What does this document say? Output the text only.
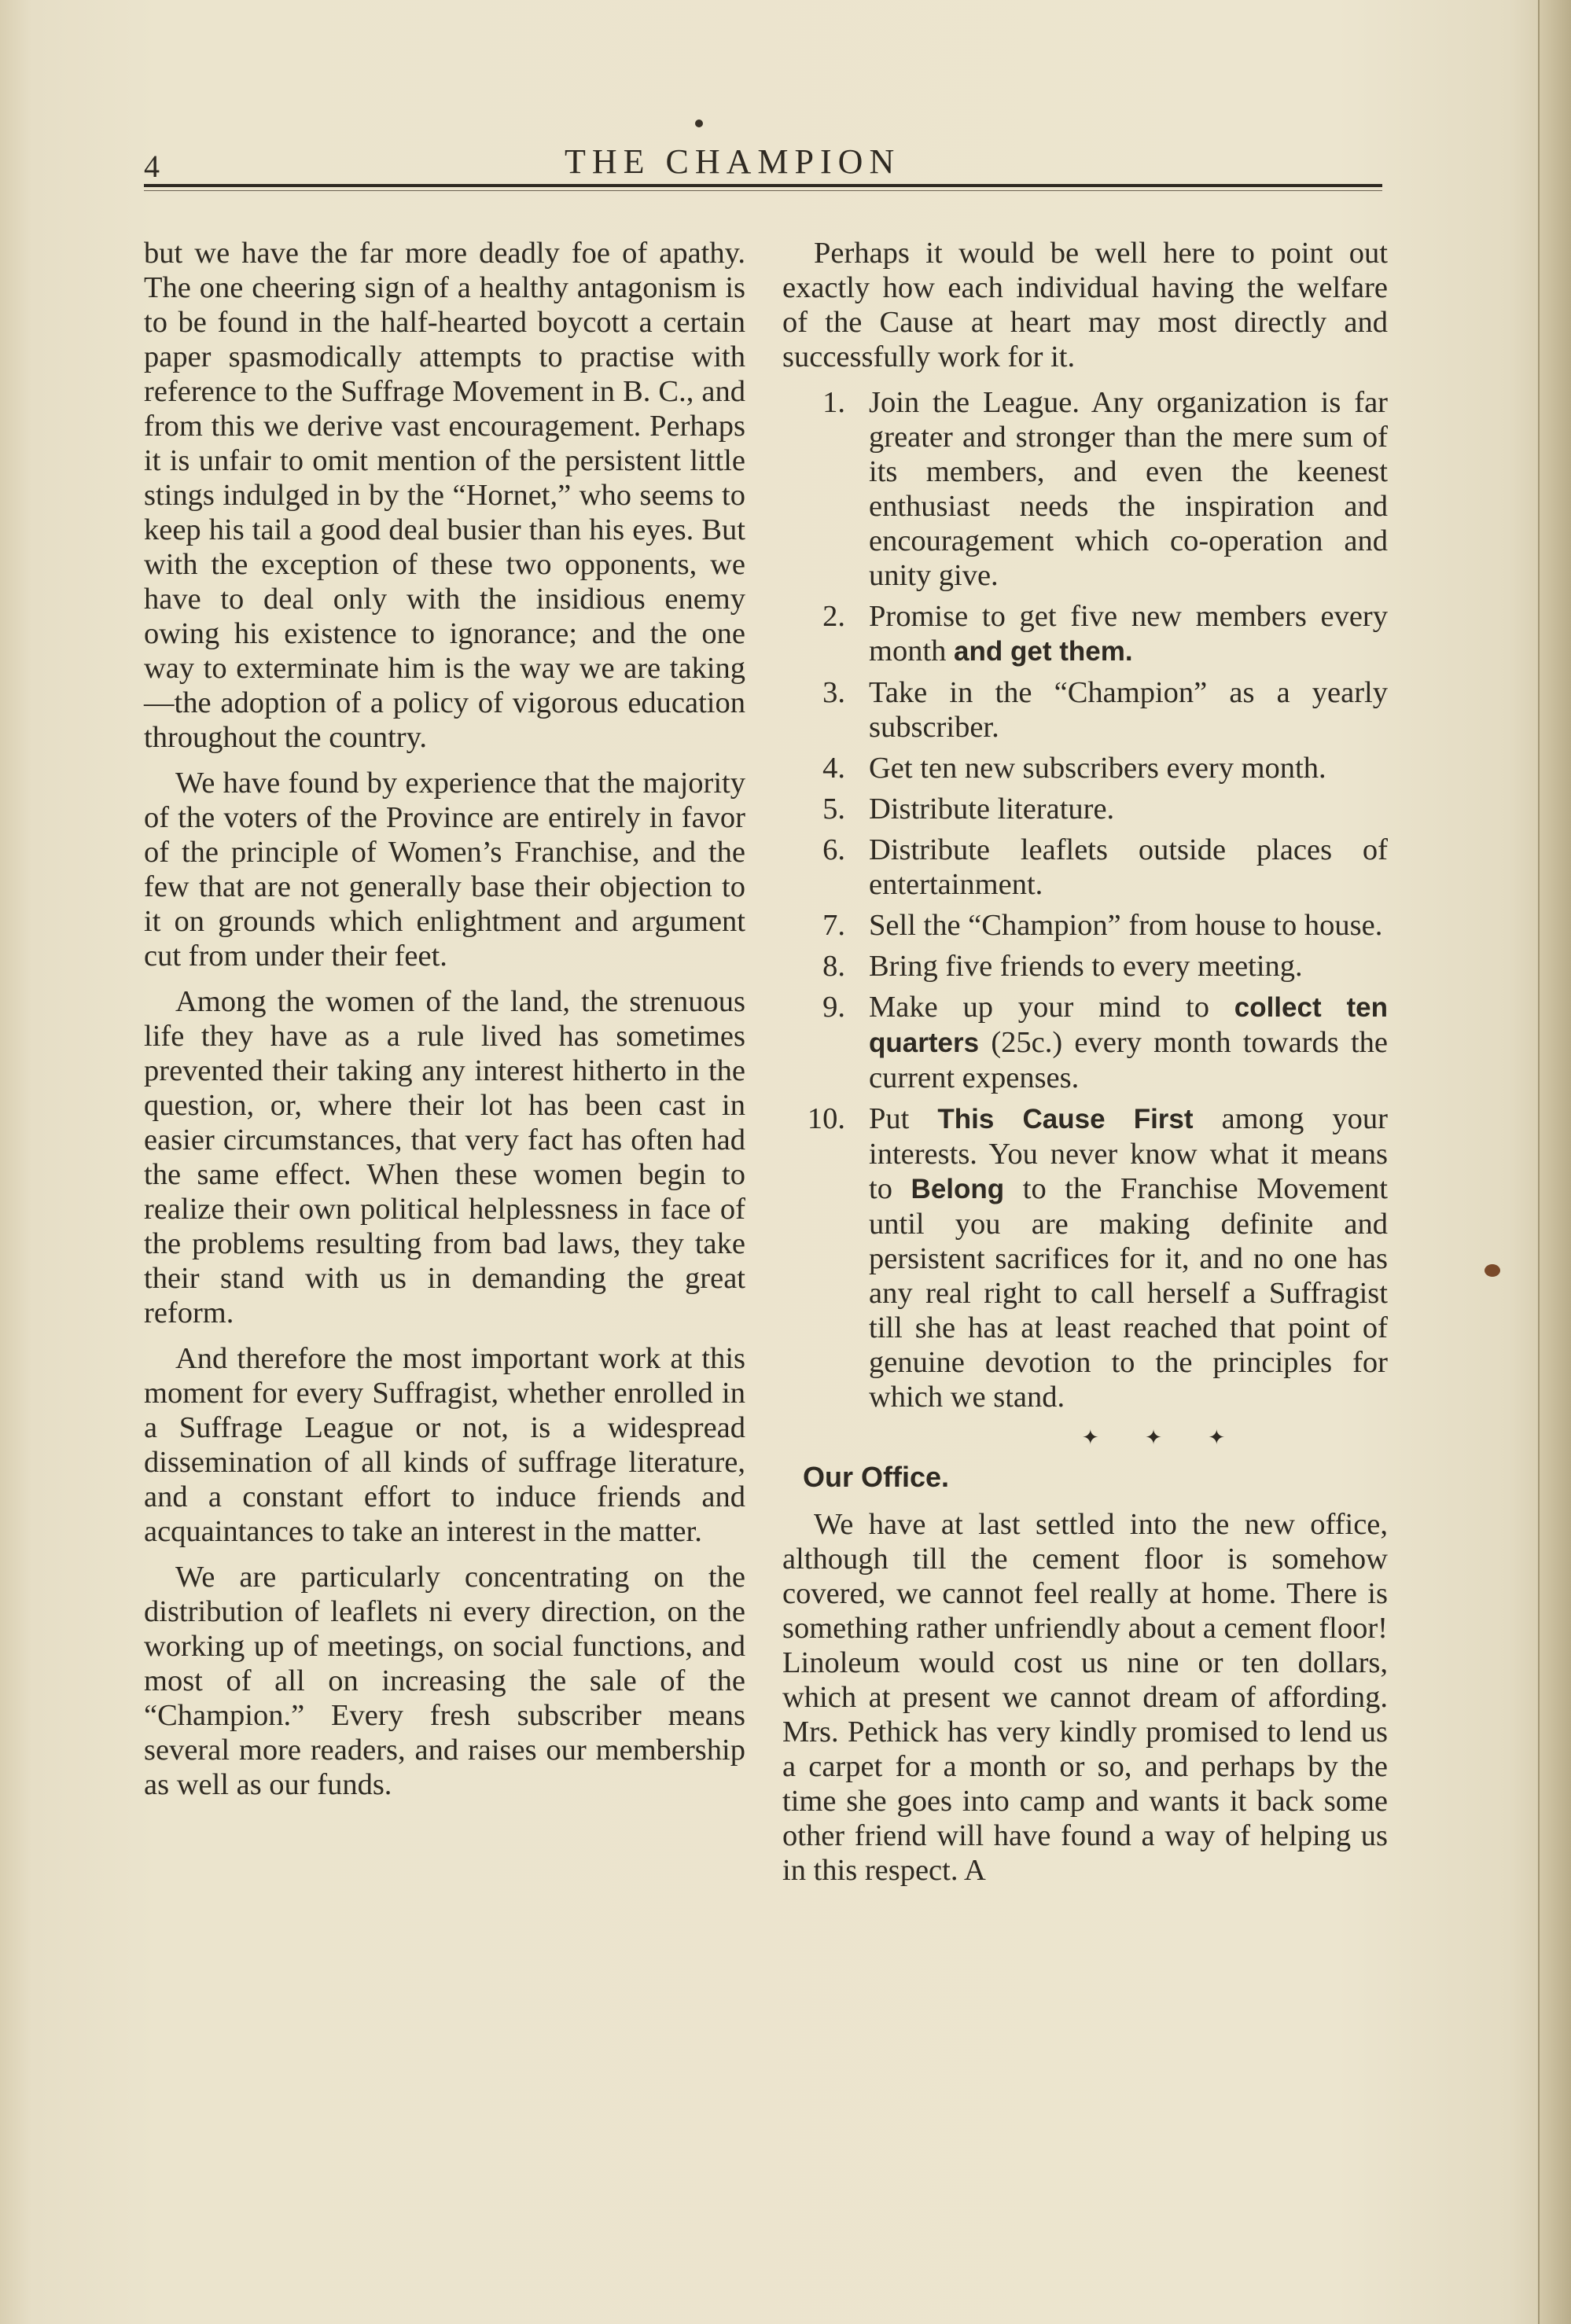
4	THE CHAMPION

but we have the far more deadly foe of apathy. The one cheering sign of a healthy antagonism is to be found in the half-hearted boycott a certain paper spasmodically attempts to practise with reference to the Suffrage Movement in B. C., and from this we derive vast encouragement. Perhaps it is unfair to omit mention of the persistent little stings indulged in by the “Hornet,” who seems to keep his tail a good deal busier than his eyes. But with the exception of these two opponents, we have to deal only with the insidious enemy owing his existence to ignorance; and the one way to exterminate him is the way we are taking—the adoption of a policy of vigorous education throughout the country.

We have found by experience that the majority of the voters of the Province are entirely in favor of the principle of Women’s Franchise, and the few that are not generally base their objection to it on grounds which enlightment and argument cut from under their feet.

Among the women of the land, the strenuous life they have as a rule lived has sometimes prevented their taking any interest hitherto in the question, or, where their lot has been cast in easier circumstances, that very fact has often had the same effect. When these women begin to realize their own political helplessness in face of the problems resulting from bad laws, they take their stand with us in demanding the great reform.

And therefore the most important work at this moment for every Suffragist, whether enrolled in a Suffrage League or not, is a widespread dissemination of all kinds of suffrage literature, and a constant effort to induce friends and acquaintances to take an interest in the matter.

We are particularly concentrating on the distribution of leaflets ni every direction, on the working up of meetings, on social functions, and most of all on increasing the sale of the “Champion.” Every fresh subscriber means several more readers, and raises our membership as well as our funds.

Perhaps it would be well here to point out exactly how each individual having the welfare of the Cause at heart may most directly and successfully work for it.

1. Join the League. Any organization is far greater and stronger than the mere sum of its members, and even the keenest enthusiast needs the inspiration and encouragement which co-operation and unity give.
2. Promise to get five new members every month and get them.
3. Take in the “Champion” as a yearly subscriber.
4. Get ten new subscribers every month.
5. Distribute literature.
6. Distribute leaflets outside places of entertainment.
7. Sell the “Champion” from house to house.
8. Bring five friends to every meeting.
9. Make up your mind to collect ten quarters (25c.) every month towards the current expenses.
10. Put This Cause First among your interests. You never know what it means to Belong to the Franchise Movement until you are making definite and persistent sacrifices for it, and no one has any real right to call herself a Suffragist till she has at least reached that point of genuine devotion to the principles for which we stand.
✦ ✦ ✦
Our Office.

We have at last settled into the new office, although till the cement floor is somehow covered, we cannot feel really at home. There is something rather unfriendly about a cement floor! Linoleum would cost us nine or ten dollars, which at present we cannot dream of affording. Mrs. Pethick has very kindly promised to lend us a carpet for a month or so, and perhaps by the time she goes into camp and wants it back some other friend will have found a way of helping us in this respect. A
